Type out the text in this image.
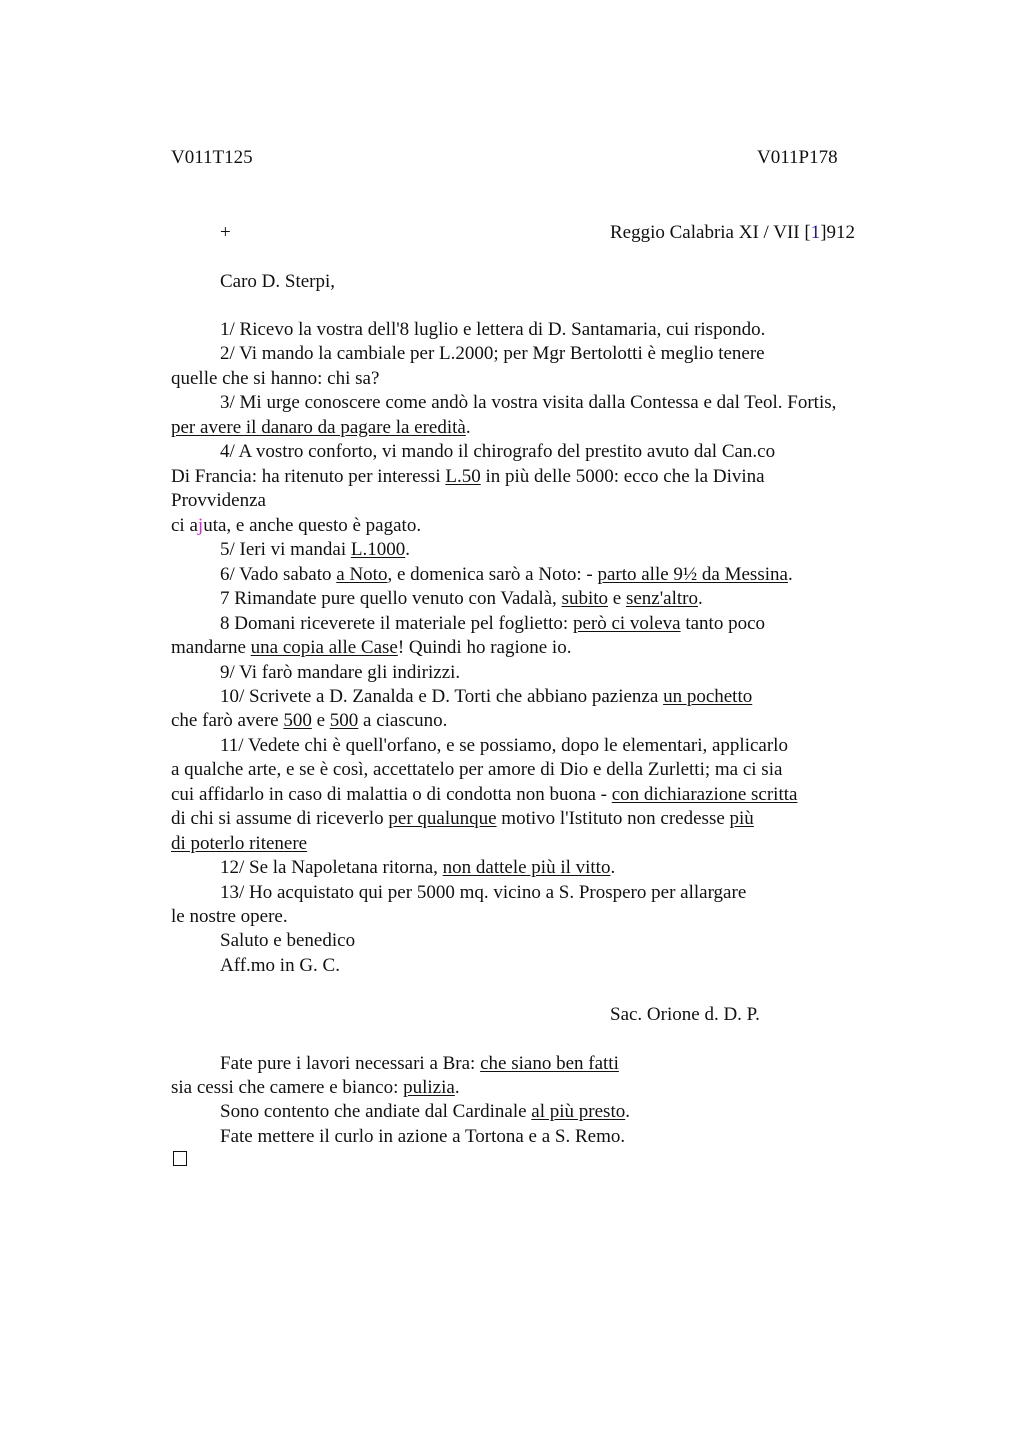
V011T125	V011P178
+	Reggio Calabria XI / VII [1]912
Caro D. Sterpi,
1/ Ricevo la vostra dell'8 luglio e lettera di D. Santamaria, cui rispondo.
2/ Vi mando la cambiale per L.2000; per Mgr Bertolotti è meglio tenere
quelle che si hanno: chi sa?
3/ Mi urge conoscere come andò la vostra visita dalla Contessa e dal Teol. Fortis,
per avere il danaro da pagare la eredità.
4/ A vostro conforto, vi mando il chirografo del prestito avuto dal Can.co
Di Francia: ha ritenuto per interessi L.50 in più delle 5000: ecco che la Divina
Provvidenza
ci ajuta, e anche questo è pagato.
5/ Ieri vi mandai L.1000.
6/ Vado sabato a Noto, e domenica sarò a Noto: - parto alle 9½ da Messina.
7 Rimandate pure quello venuto con Vadalà, subito e senz'altro.
8 Domani riceverete il materiale pel foglietto: però ci voleva tanto poco
mandarne una copia alle Case! Quindi ho ragione io.
9/ Vi farò mandare gli indirizzi.
10/ Scrivete a D. Zanalda e D. Torti che abbiano pazienza un pochetto
che farò avere 500 e 500 a ciascuno.
11/ Vedete chi è quell'orfano, e se possiamo, dopo le elementari, applicarlo
a qualche arte, e se è così, accettatelo per amore di Dio e della Zurletti; ma ci sia
cui affidarlo in caso di malattia o di condotta non buona - con dichiarazione scritta
di chi si assume di riceverlo per qualunque motivo l'Istituto non credesse più
di poterlo ritenere
12/ Se la Napoletana ritorna, non dattele più il vitto.
13/ Ho acquistato qui per 5000 mq. vicino a S. Prospero per allargare
le nostre opere.
Saluto e benedico
Aff.mo in G. C.
Sac. Orione d. D. P.
Fate pure i lavori necessari a Bra: che siano ben fatti
sia cessi che camere e bianco: pulizia.
Sono contento che andiate dal Cardinale al più presto.
Fate mettere il curlo in azione a Tortona e a S. Remo.
